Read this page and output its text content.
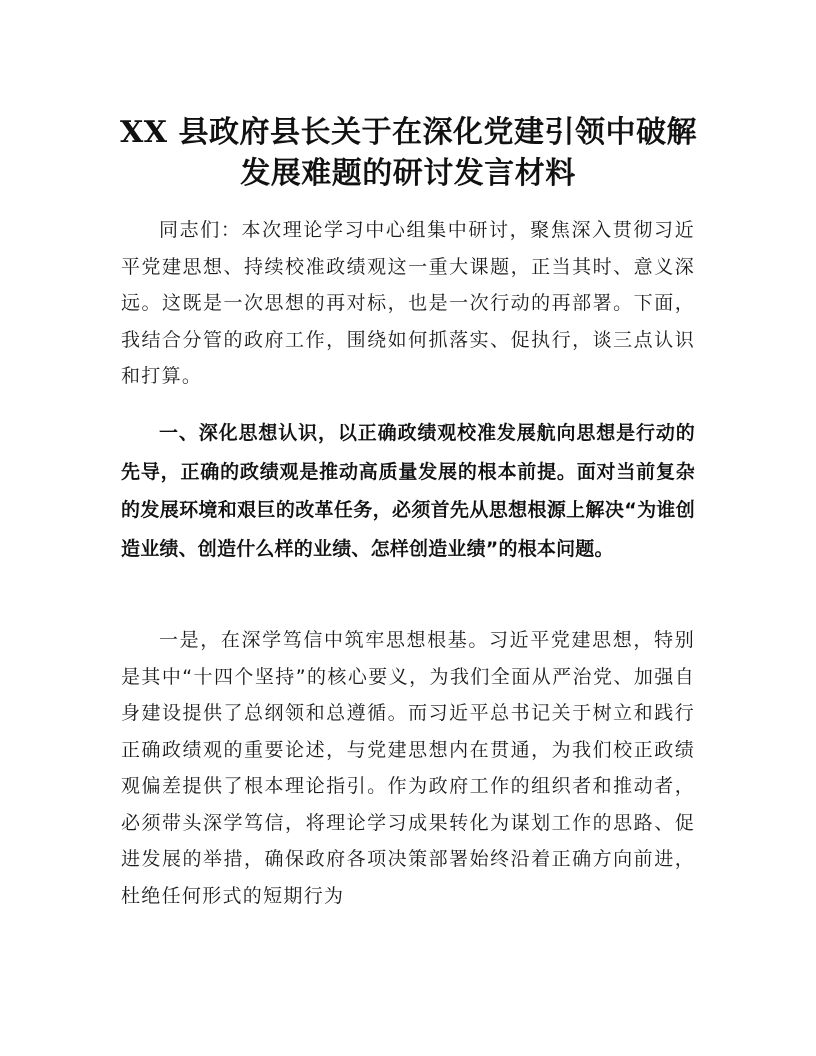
XX 县政府县长关于在深化党建引领中破解
发展难题的研讨发言材料

同志们：本次理论学习中心组集中研讨，聚焦深入贯彻习近平党建思想、持续校准政绩观这一重大课题，正当其时、意义深远。这既是一次思想的再对标，也是一次行动的再部署。下面，我结合分管的政府工作，围绕如何抓落实、促执行，谈三点认识和打算。

一、深化思想认识，以正确政绩观校准发展航向思想是行动的先导，正确的政绩观是推动高质量发展的根本前提。面对当前复杂的发展环境和艰巨的改革任务，必须首先从思想根源上解决“为谁创造业绩、创造什么样的业绩、怎样创造业绩”的根本问题。

一是，在深学笃信中筑牢思想根基。习近平党建思想，特别是其中“十四个坚持”的核心要义，为我们全面从严治党、加强自身建设提供了总纲领和总遵循。而习近平总书记关于树立和践行正确政绩观的重要论述，与党建思想内在贯通，为我们校正政绩观偏差提供了根本理论指引。作为政府工作的组织者和推动者，必须带头深学笃信，将理论学习成果转化为谋划工作的思路、促进发展的举措，确保政府各项决策部署始终沿着正确方向前进，杜绝任何形式的短期行为
